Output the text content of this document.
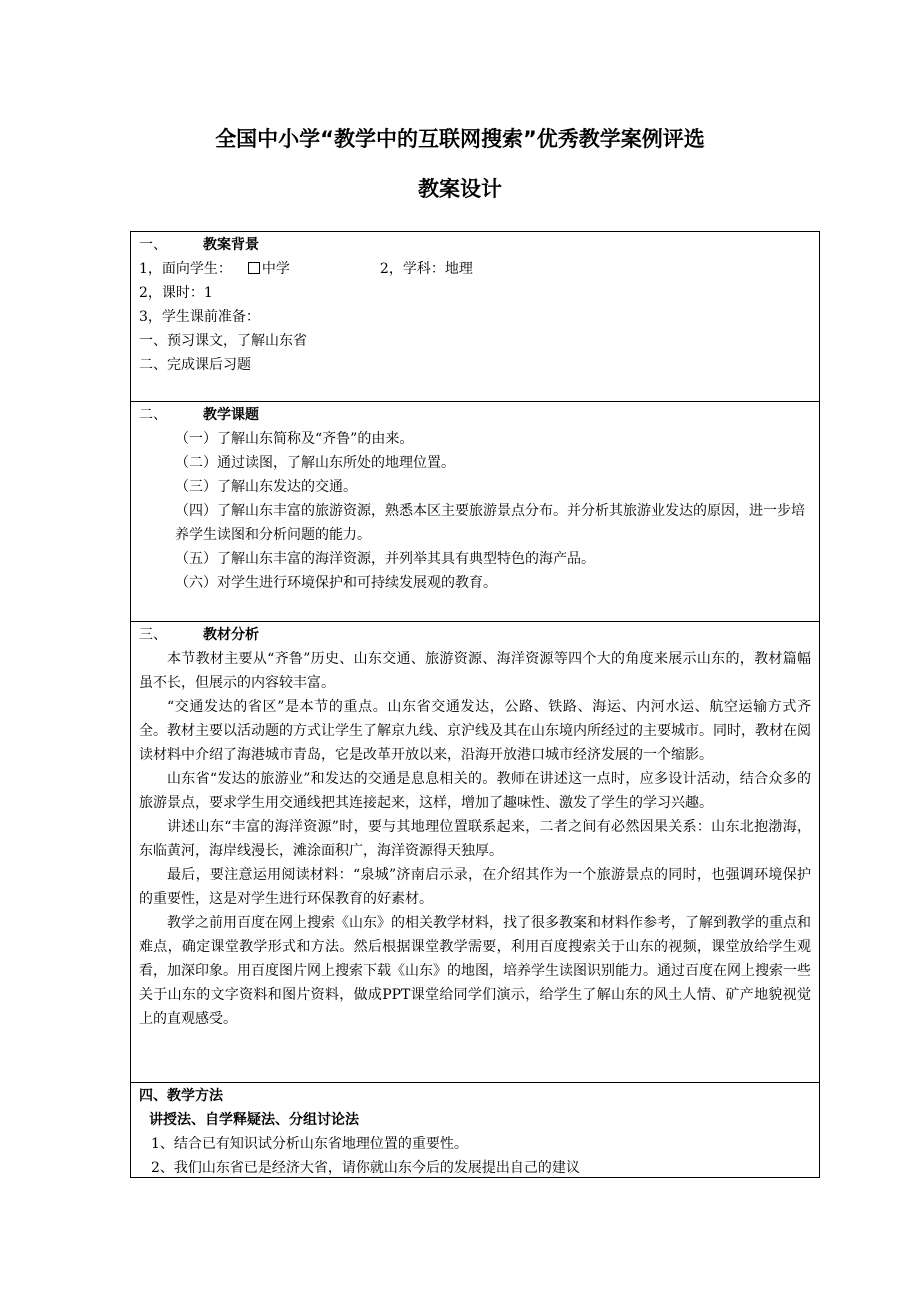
全国中小学“教学中的互联网搜索”优秀教学案例评选
教案设计
一、	教案背景
1，面向学生： 中学	2，学科：地理
2，课时：1
3，学生课前准备：
一、预习课文，了解山东省
二、完成课后习题
二、	教学课题
（一）了解山东简称及“齐鲁”的由来。
（二）通过读图，了解山东所处的地理位置。
（三）了解山东发达的交通。
（四）了解山东丰富的旅游资源，熟悉本区主要旅游景点分布。并分析其旅游业发达的原因，进一步培养学生读图和分析问题的能力。
（五）了解山东丰富的海洋资源，并列举其具有典型特色的海产品。
（六）对学生进行环境保护和可持续发展观的教育。
三、	教材分析
本节教材主要从“齐鲁”历史、山东交通、旅游资源、海洋资源等四个大的角度来展示山东的，教材篇幅虽不长，但展示的内容较丰富。
“交通发达的省区”是本节的重点。山东省交通发达，公路、铁路、海运、内河水运、航空运输方式齐全。教材主要以活动题的方式让学生了解京九线、京沪线及其在山东境内所经过的主要城市。同时，教材在阅读材料中介绍了海港城市青岛，它是改革开放以来，沿海开放港口城市经济发展的一个缩影。
山东省“发达的旅游业”和发达的交通是息息相关的。教师在讲述这一点时，应多设计活动，结合众多的旅游景点，要求学生用交通线把其连接起来，这样，增加了趣味性、激发了学生的学习兴趣。
讲述山东“丰富的海洋资源”时，要与其地理位置联系起来，二者之间有必然因果关系：山东北抱渤海，东临黄河，海岸线漫长，滩涂面积广，海洋资源得天独厚。
最后，要注意运用阅读材料：“泉城”济南启示录，在介绍其作为一个旅游景点的同时，也强调环境保护的重要性，这是对学生进行环保教育的好素材。
教学之前用百度在网上搜索《山东》的相关教学材料，找了很多教案和材料作参考，了解到教学的重点和难点，确定课堂教学形式和方法。然后根据课堂教学需要，利用百度搜索关于山东的视频，课堂放给学生观看，加深印象。用百度图片网上搜索下载《山东》的地图，培养学生读图识别能力。通过百度在网上搜索一些关于山东的文字资料和图片资料，做成PPT课堂给同学们演示，给学生了解山东的风土人情、矿产地貌视觉上的直观感受。
四、教学方法
讲授法、自学释疑法、分组讨论法
1、结合已有知识试分析山东省地理位置的重要性。
2、我们山东省已是经济大省，请你就山东今后的发展提出自己的建议
